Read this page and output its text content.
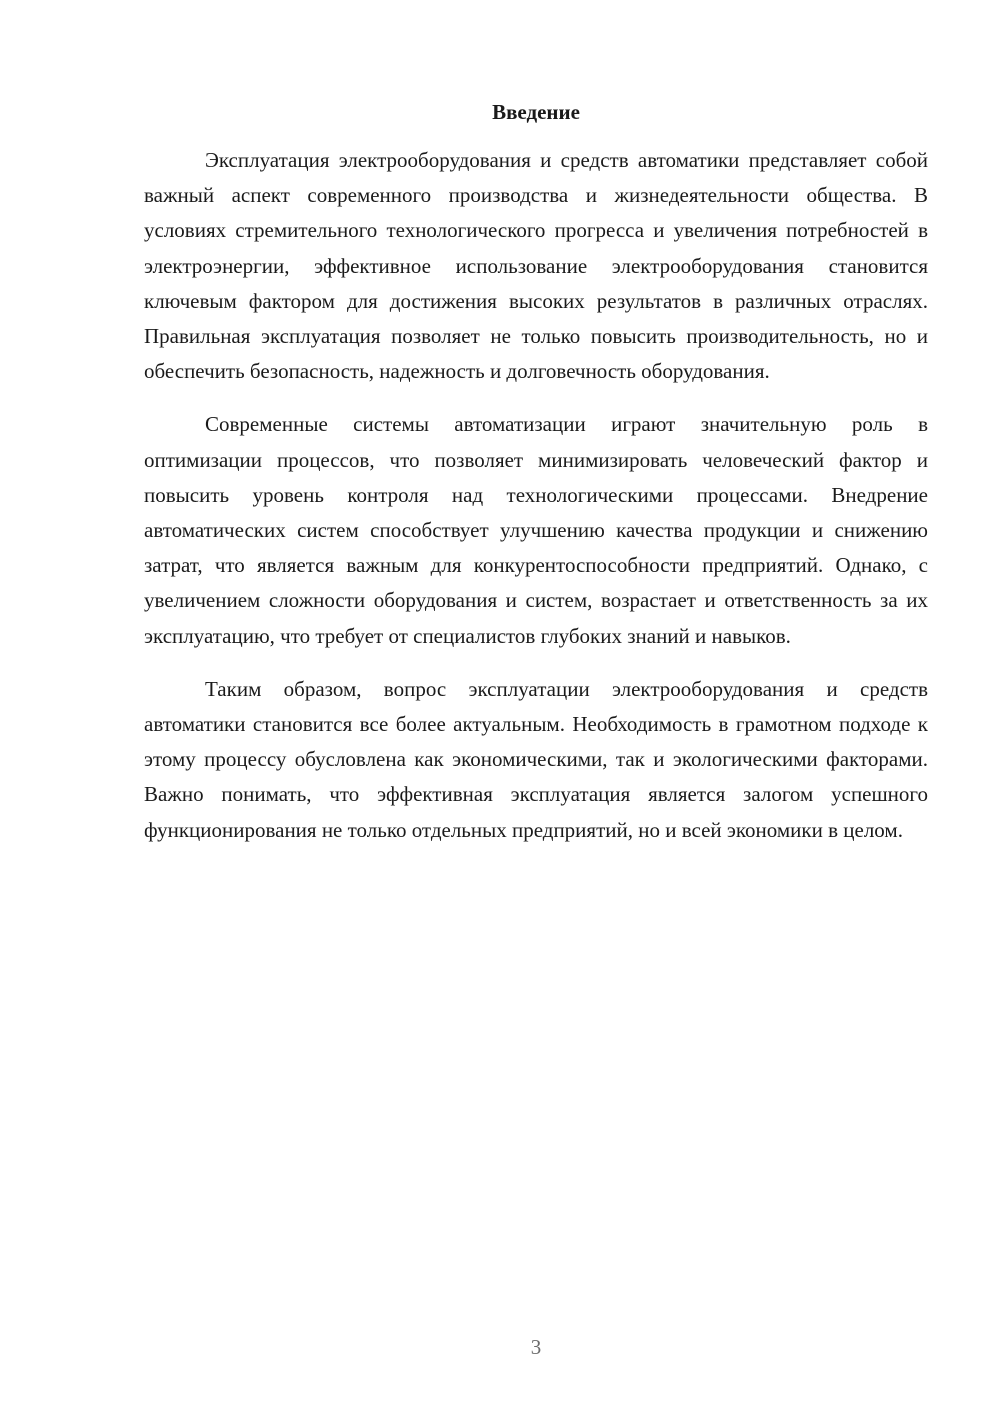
Введение

Эксплуатация электрооборудования и средств автоматики представляет собой важный аспект современного производства и жизнедеятельности общества. В условиях стремительного технологического прогресса и увеличения потребностей в электроэнергии, эффективное использование электрооборудования становится ключевым фактором для достижения высоких результатов в различных отраслях. Правильная эксплуатация позволяет не только повысить производительность, но и обеспечить безопасность, надежность и долговечность оборудования.

Современные системы автоматизации играют значительную роль в оптимизации процессов, что позволяет минимизировать человеческий фактор и повысить уровень контроля над технологическими процессами. Внедрение автоматических систем способствует улучшению качества продукции и снижению затрат, что является важным для конкурентоспособности предприятий. Однако, с увеличением сложности оборудования и систем, возрастает и ответственность за их эксплуатацию, что требует от специалистов глубоких знаний и навыков.

Таким образом, вопрос эксплуатации электрооборудования и средств автоматики становится все более актуальным. Необходимость в грамотном подходе к этому процессу обусловлена как экономическими, так и экологическими факторами. Важно понимать, что эффективная эксплуатация является залогом успешного функционирования не только отдельных предприятий, но и всей экономики в целом.

3
